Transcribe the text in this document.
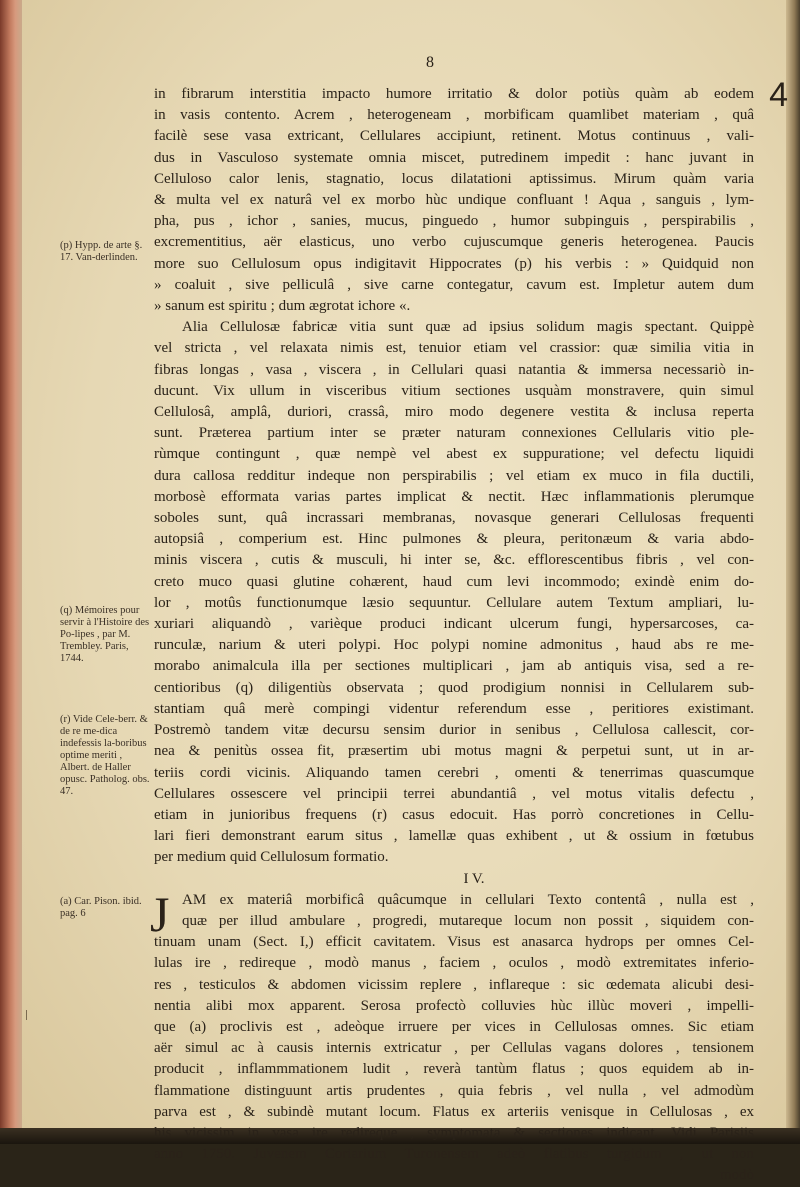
8

4

(p) Hypp. de arte §. 17. Van-derlinden.
(q) Mémoires pour servir à l'Histoire des Po-lipes , par M. Trembley. Paris, 1744.
(r) Vide Cele-berr. & de re me-dica indefessis la-boribus optime meriti , Albert. de Haller opusc. Patholog. obs. 47.
(a) Car. Pison. ibid. pag. 6
in fibrarum interstitia impacto humore irritatio & dolor potiùs quàm ab eodem
in vasis contento. Acrem , heterogeneam , morbificam quamlibet materiam , quâ
facilè sese vasa extricant, Cellulares accipiunt, retinent. Motus continuus , vali-
dus in Vasculoso systemate omnia miscet, putredinem impedit : hanc juvant in
Celluloso calor lenis, stagnatio, locus dilatationi aptissimus. Mirum quàm varia
& multa vel ex naturâ vel ex morbo hùc undique confluant ! Aqua , sanguis , lym-
pha, pus , ichor , sanies, mucus, pinguedo , humor subpinguis , perspirabilis ,
excrementitius, aër elasticus, uno verbo cujuscumque generis heterogenea. Paucis
more suo Cellulosum opus indigitavit Hippocrates (p) his verbis : » Quidquid non
» coaluit , sive pelliculâ , sive carne contegatur, cavum est. Impletur autem dum
» sanum est spiritu ; dum ægrotat ichore «.
Alia Cellulosæ fabricæ vitia sunt quæ ad ipsius solidum magis spectant. Quippè
vel stricta , vel relaxata nimis est, tenuior etiam vel crassior: quæ similia vitia in
fibras longas , vasa , viscera , in Cellulari quasi natantia & immersa necessariò in-
ducunt. Vix ullum in visceribus vitium sectiones usquàm monstravere, quin simul
Cellulosâ, amplâ, duriori, crassâ, miro modo degenere vestita & inclusa reperta
sunt. Præterea partium inter se præter naturam connexiones Cellularis vitio ple-
rùmque contingunt , quæ nempè vel abest ex suppuratione; vel defectu liquidi
dura callosa redditur indeque non perspirabilis ; vel etiam ex muco in fila ductili,
morbosè efformata varias partes implicat & nectit. Hæc inflammationis plerumque
soboles sunt, quâ incrassari membranas, novasque generari Cellulosas frequenti
autopsiâ , comperium est. Hinc pulmones & pleura, peritonæum & varia abdo-
minis viscera , cutis & musculi, hi inter se, &c. efflorescentibus fibris , vel con-
creto muco quasi glutine cohærent, haud cum levi incommodo; exindè enim do-
lor , motûs functionumque læsio sequuntur. Cellulare autem Textum ampliari, lu-
xuriari aliquandò , varièque produci indicant ulcerum fungi, hypersarcoses, ca-
runculæ, narium & uteri polypi. Hoc polypi nomine admonitus , haud abs re me-
morabo animalcula illa per sectiones multiplicari , jam ab antiquis visa, sed a re-
centioribus (q) diligentiùs observata ; quod prodigium nonnisi in Cellularem sub-
stantiam quâ merè compingi videntur referendum esse , peritiores existimant.
Postremò tandem vitæ decursu sensim durior in senibus , Cellulosa callescit, cor-
nea & penitùs ossea fit, præsertim ubi motus magni & perpetui sunt, ut in ar-
teriis cordi vicinis. Aliquando tamen cerebri , omenti & tenerrimas quascumque
Cellulares ossescere vel principii terrei abundantiâ , vel motus vitalis defectu ,
etiam in junioribus frequens (r) casus edocuit. Has porrò concretiones in Cellu-
lari fieri demonstrant earum situs , lamellæ quas exhibent , ut & ossium in fœtubus
per medium quid Cellulosum formatio.
I V.
J AM ex materiâ morbificâ quâcumque in cellulari Texto contentâ , nulla est ,
quæ per illud ambulare , progredi, mutareque locum non possit , siquidem con-
tinuam unam (Sect. I,) efficit cavitatem. Visus est anasarca hydrops per omnes Cel-
lulas ire , redireque , modò manus , faciem , oculos , modò extremitates inferio-
res , testiculos & abdomen vicissim replere , inflareque : sic œdemata alicubi desi-
nentia alibi mox apparent. Serosa profectò colluvies hùc illùc moveri , impelli-
que (a) proclivis est , adeòque irruere per vices in Cellulosas omnes. Sic etiam
aër simul ac à causis internis extricatur , per Cellulas vagans dolores , tensionem
producit , inflammmationem ludit , reverà tantùm flatus ; quos equidem ab in-
flammatione distinguunt artis prudentes , quia febris , vel nulla , vel admodùm
parva est , & subindè mutant locum. Flatus ex arteriis venisque in Cellulosas , ex
his vicissim in vasa ire redireque , symptomata & sectiones indicant. Vidi Parisiis
anno 1750. Juvenem Coriarium Turonensem adeò flatibus turgidum , ut non
modò
